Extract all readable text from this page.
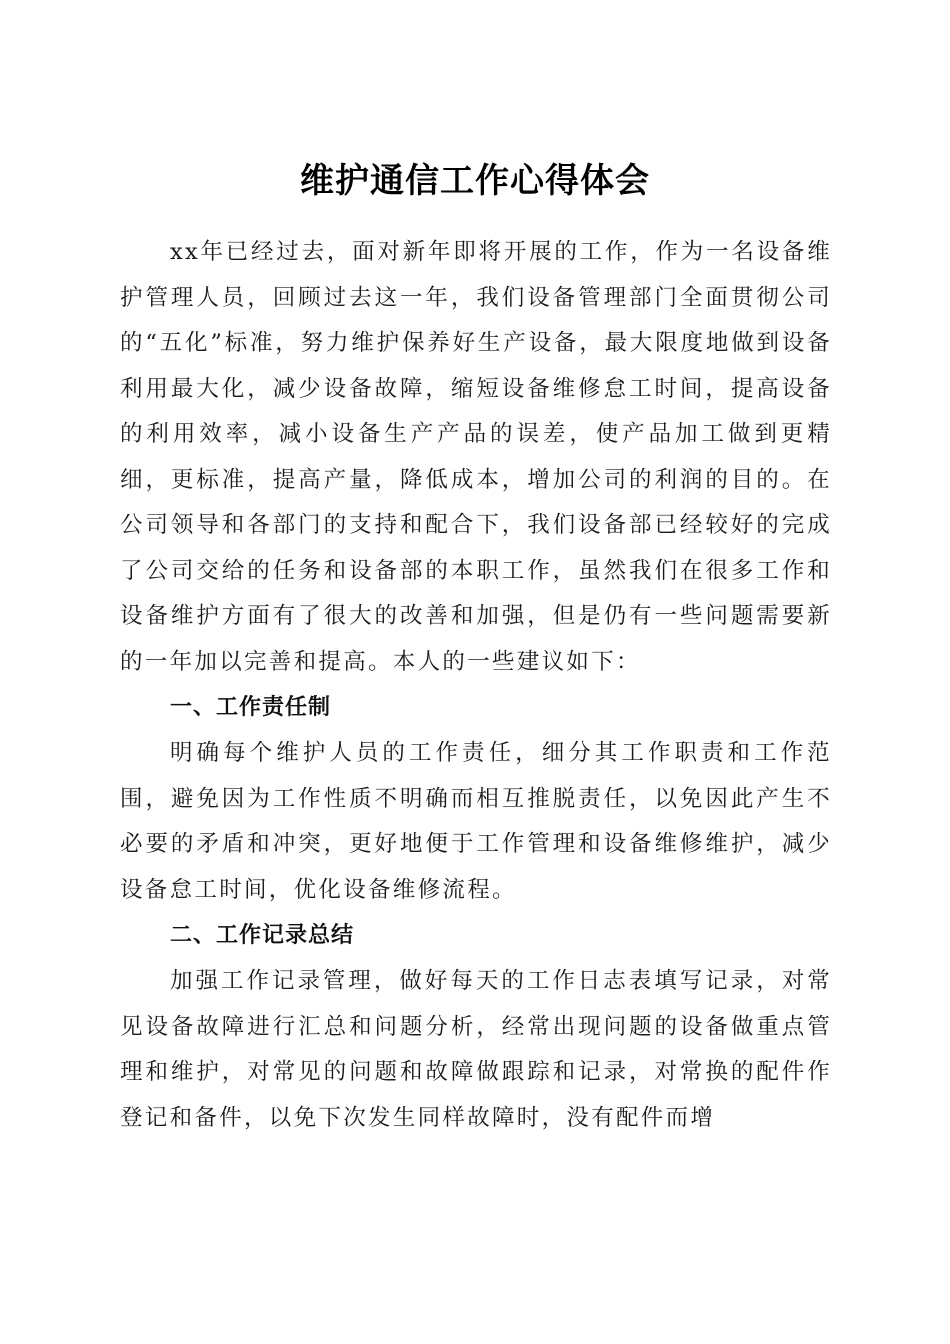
维护通信工作心得体会

xx年已经过去，面对新年即将开展的工作，作为一名设备维护管理人员，回顾过去这一年，我们设备管理部门全面贯彻公司的“五化”标准，努力维护保养好生产设备，最大限度地做到设备利用最大化，减少设备故障，缩短设备维修怠工时间，提高设备的利用效率，减小设备生产产品的误差，使产品加工做到更精细，更标准，提高产量，降低成本，增加公司的利润的目的。在公司领导和各部门的支持和配合下，我们设备部已经较好的完成了公司交给的任务和设备部的本职工作，虽然我们在很多工作和设备维护方面有了很大的改善和加强，但是仍有一些问题需要新的一年加以完善和提高。本人的一些建议如下：

一、工作责任制

明确每个维护人员的工作责任，细分其工作职责和工作范围，避免因为工作性质不明确而相互推脱责任，以免因此产生不必要的矛盾和冲突，更好地便于工作管理和设备维修维护，减少设备怠工时间，优化设备维修流程。

二、工作记录总结

加强工作记录管理，做好每天的工作日志表填写记录，对常见设备故障进行汇总和问题分析，经常出现问题的设备做重点管理和维护，对常见的问题和故障做跟踪和记录，对常换的配件作登记和备件，以免下次发生同样故障时，没有配件而增
